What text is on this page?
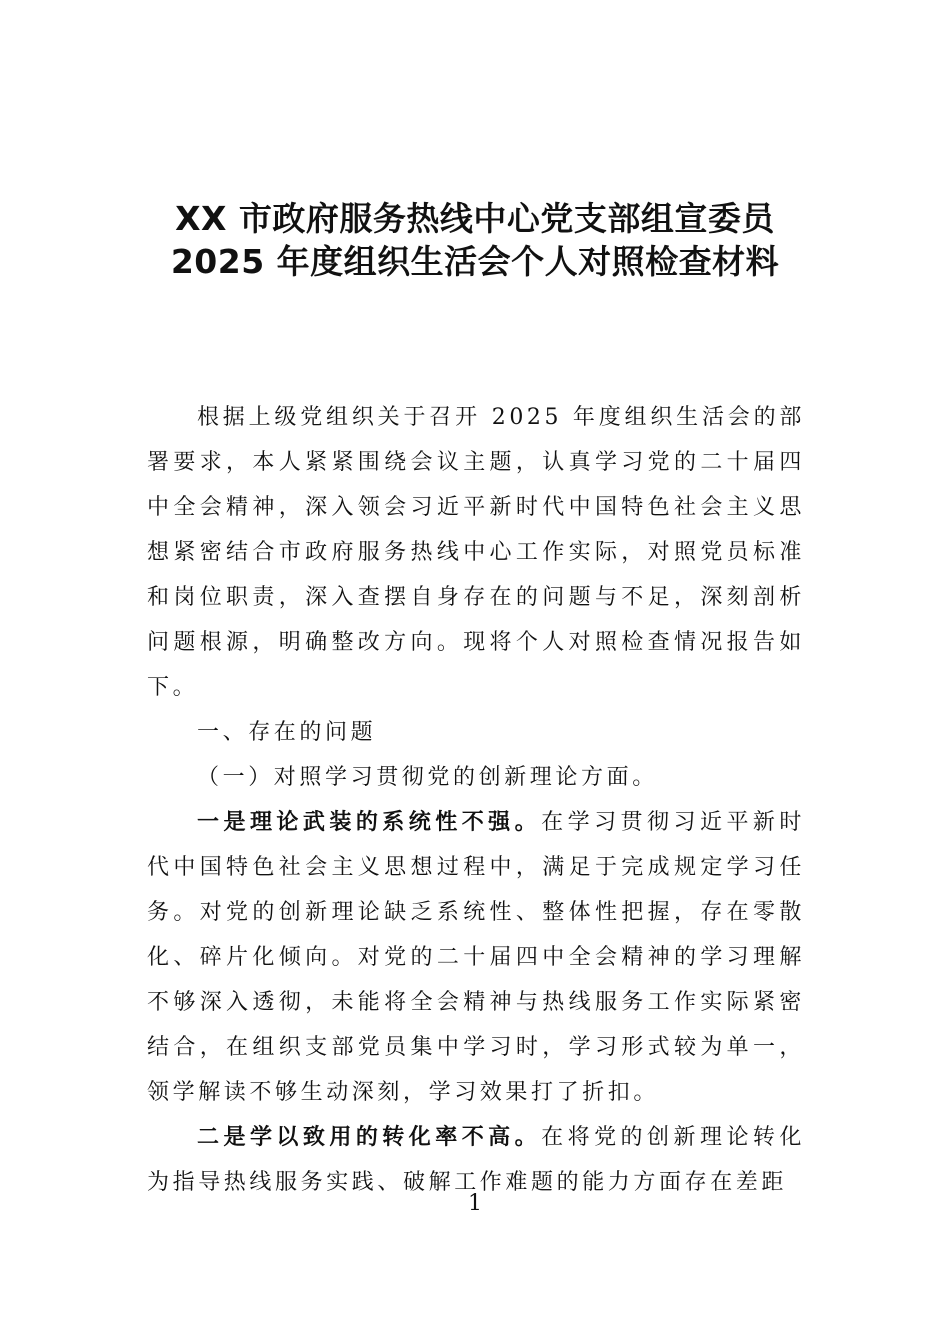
XX 市政府服务热线中心党支部组宣委员
2025 年度组织生活会个人对照检查材料

根据上级党组织关于召开 2025 年度组织生活会的部署要求，本人紧紧围绕会议主题，认真学习党的二十届四中全会精神，深入领会习近平新时代中国特色社会主义思想紧密结合市政府服务热线中心工作实际，对照党员标准和岗位职责，深入查摆自身存在的问题与不足，深刻剖析问题根源，明确整改方向。现将个人对照检查情况报告如下。

一、存在的问题

（一）对照学习贯彻党的创新理论方面。

一是理论武装的系统性不强。在学习贯彻习近平新时代中国特色社会主义思想过程中，满足于完成规定学习任务。对党的创新理论缺乏系统性、整体性把握，存在零散化、碎片化倾向。对党的二十届四中全会精神的学习理解不够深入透彻，未能将全会精神与热线服务工作实际紧密结合，在组织支部党员集中学习时，学习形式较为单一，领学解读不够生动深刻，学习效果打了折扣。

二是学以致用的转化率不高。在将党的创新理论转化为指导热线服务实践、破解工作难题的能力方面存在差距

1
